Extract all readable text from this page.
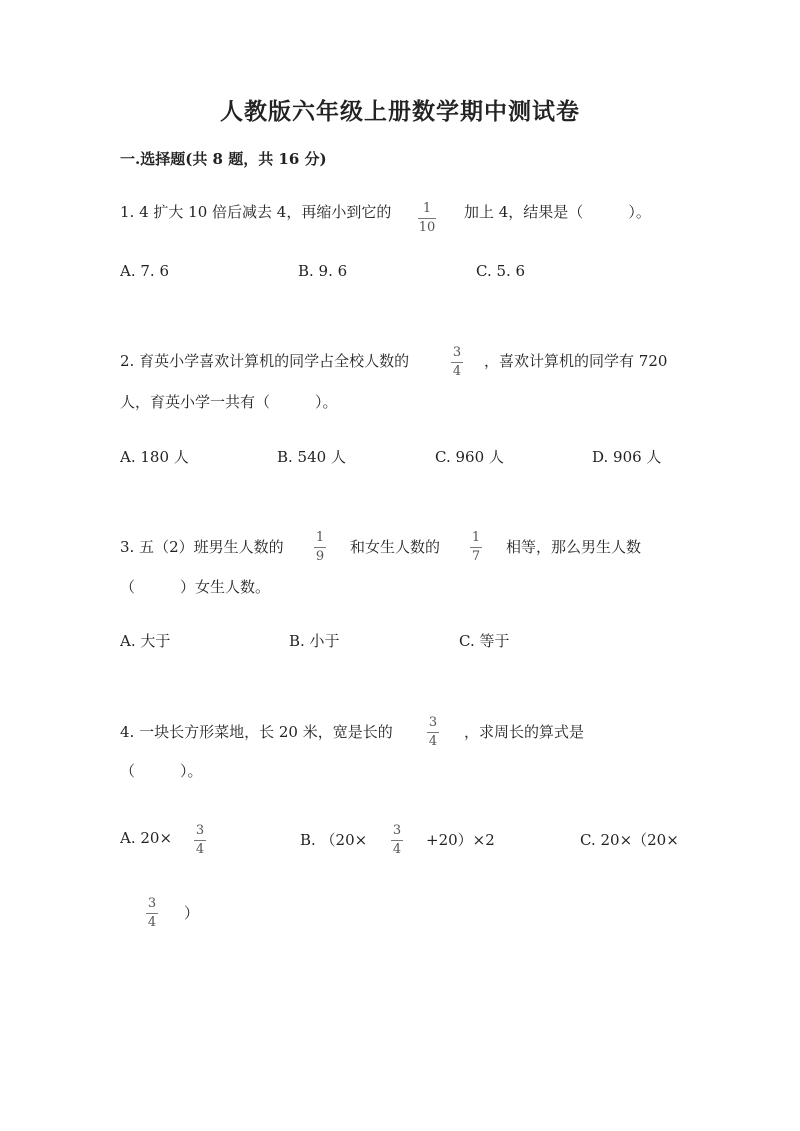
人教版六年级上册数学期中测试卷
一.选择题(共 8 题，共 16 分)
1. 4 扩大 10 倍后减去 4，再缩小到它的 1
10
加上 4，结果是（　　　）。
A. 7. 6	B. 9. 6	C. 5. 6
2. 育英小学喜欢计算机的同学占全校人数的	3
4
，喜欢计算机的同学有 720
人，育英小学一共有（　　　）。
A. 180 人	B. 540 人	C. 960 人	D. 906 人
3. 五（2）班男生人数的
1
9
和女生人数的
1
7
相等，那么男生人数
（　　　）女生人数。
A. 大于	B. 小于	C. 等于
4. 一块长方形菜地，长 20 米，宽是长的
3
4
，求周长的算式是
（　　　）。
A. 20× 3
4
B. （20×
3
4
+20）×2	C. 20×（20×
3
4
）
